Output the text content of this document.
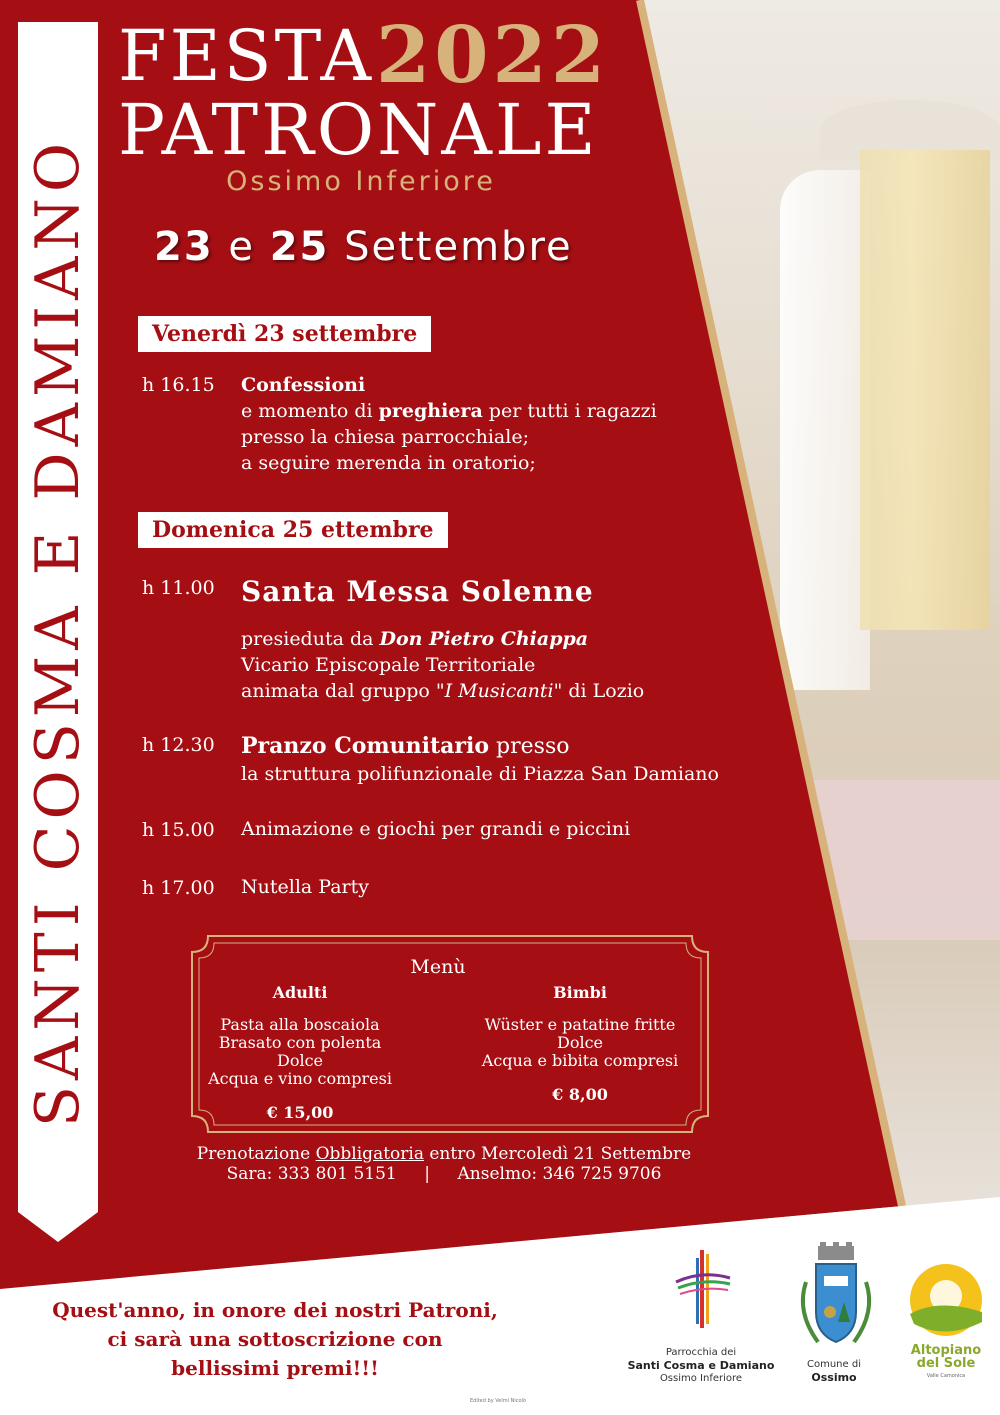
SANTI COSMA E DAMIANO
FESTA 2022
PATRONALE
Ossimo Inferiore
23 e 25 Settembre
Venerdì 23 settembre
h 16.15 Confessioni
e momento di preghiera per tutti i ragazzi
presso la chiesa parrocchiale;
a seguire merenda in oratorio;
Domenica 25 ettembre
h 11.00 Santa Messa Solenne
presieduta da Don Pietro Chiappa
Vicario Episcopale Territoriale
animata dal gruppo "I Musicanti" di Lozio
h 12.30 Pranzo Comunitario presso
la struttura polifunzionale di Piazza San Damiano
h 15.00 Animazione e giochi per grandi e piccini
h 17.00 Nutella Party
Menù
Adulti
Pasta alla boscaiola
Brasato con polenta
Dolce
Acqua e vino compresi
€ 15,00
Bimbi
Wüster e patatine fritte
Dolce
Acqua e bibita compresi
€ 8,00
Prenotazione Obbligatoria entro Mercoledì 21 Settembre
Sara: 333 801 5151 | Anselmo: 346 725 9706
Quest'anno, in onore dei nostri Patroni,
ci sarà una sottoscrizione con
bellissimi premi!!!
Edited by Velmi Nicolò
Parrocchia dei
Santi Cosma e Damiano
Ossimo Inferiore
Comune di
Ossimo
Altopiano
del Sole
Valle Camonica
